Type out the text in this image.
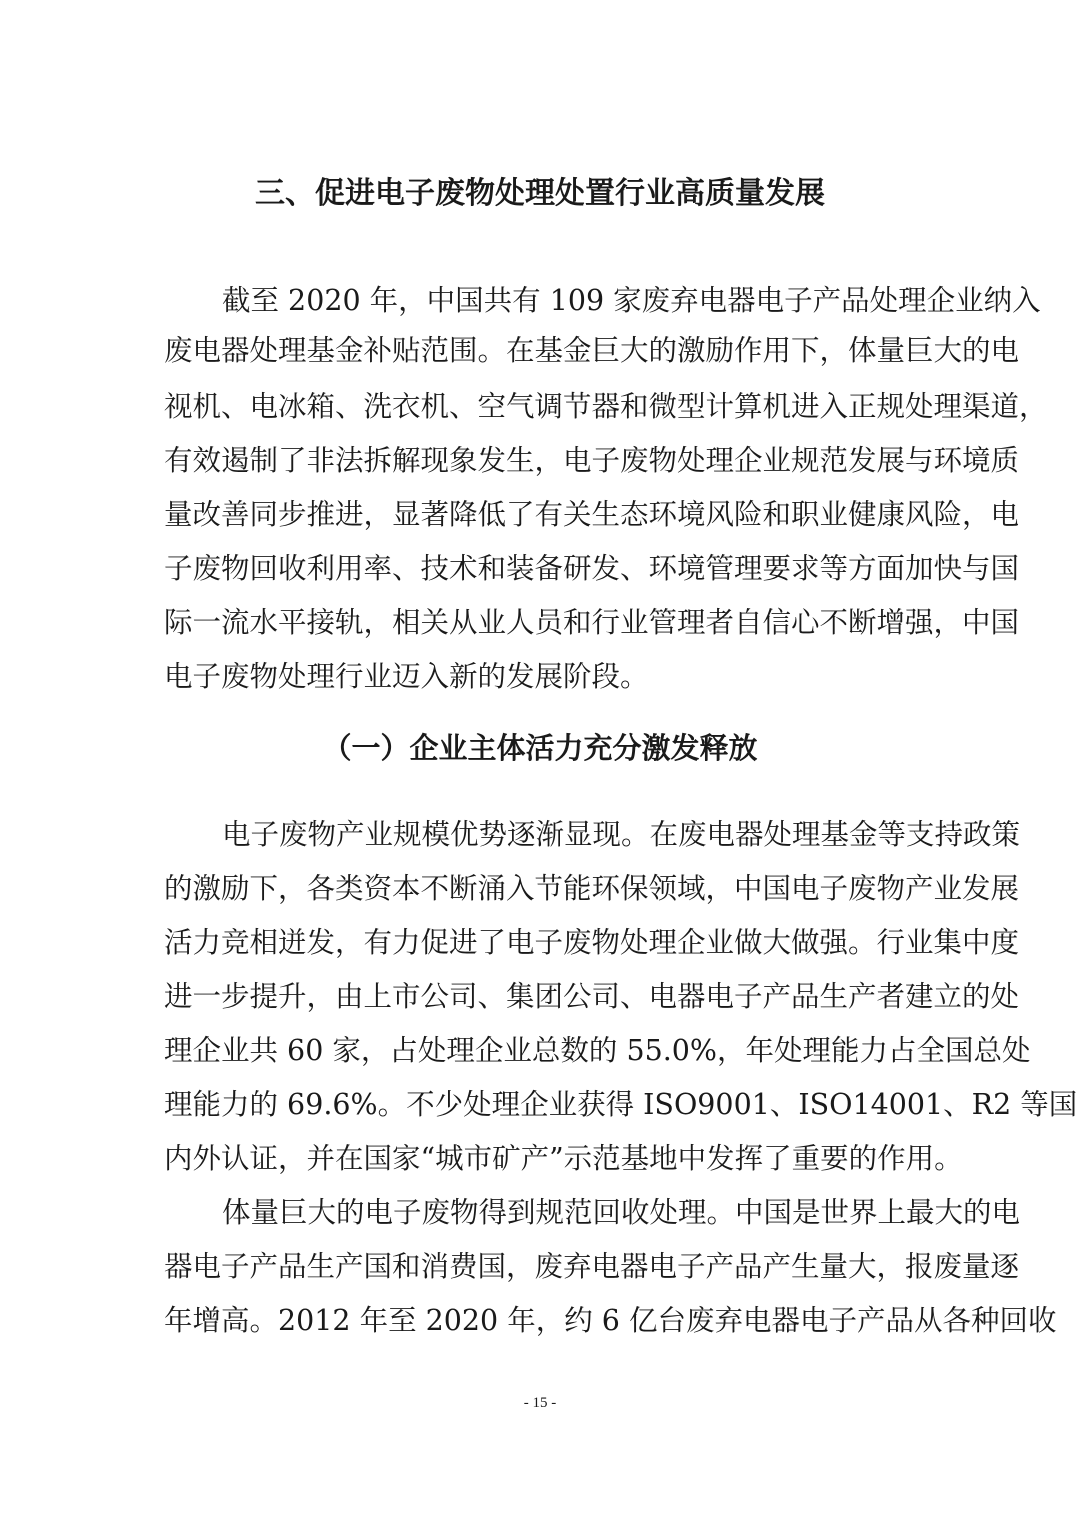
三、促进电子废物处理处置行业高质量发展
截至 2020 年，中国共有 109 家废弃电器电子产品处理企业纳入
废电器处理基金补贴范围。在基金巨大的激励作用下，体量巨大的电
视机、电冰箱、洗衣机、空气调节器和微型计算机进入正规处理渠道，
有效遏制了非法拆解现象发生，电子废物处理企业规范发展与环境质
量改善同步推进，显著降低了有关生态环境风险和职业健康风险，电
子废物回收利用率、技术和装备研发、环境管理要求等方面加快与国
际一流水平接轨，相关从业人员和行业管理者自信心不断增强，中国
电子废物处理行业迈入新的发展阶段。
（一）企业主体活力充分激发释放
电子废物产业规模优势逐渐显现。在废电器处理基金等支持政策
的激励下，各类资本不断涌入节能环保领域，中国电子废物产业发展
活力竞相迸发，有力促进了电子废物处理企业做大做强。行业集中度
进一步提升，由上市公司、集团公司、电器电子产品生产者建立的处
理企业共 60 家，占处理企业总数的 55.0%，年处理能力占全国总处
理能力的 69.6%。不少处理企业获得 ISO9001、ISO14001、R2 等国
内外认证，并在国家“城市矿产”示范基地中发挥了重要的作用。
体量巨大的电子废物得到规范回收处理。中国是世界上最大的电
器电子产品生产国和消费国，废弃电器电子产品产生量大，报废量逐
年增高。2012 年至 2020 年，约 6 亿台废弃电器电子产品从各种回收
- 15 -
